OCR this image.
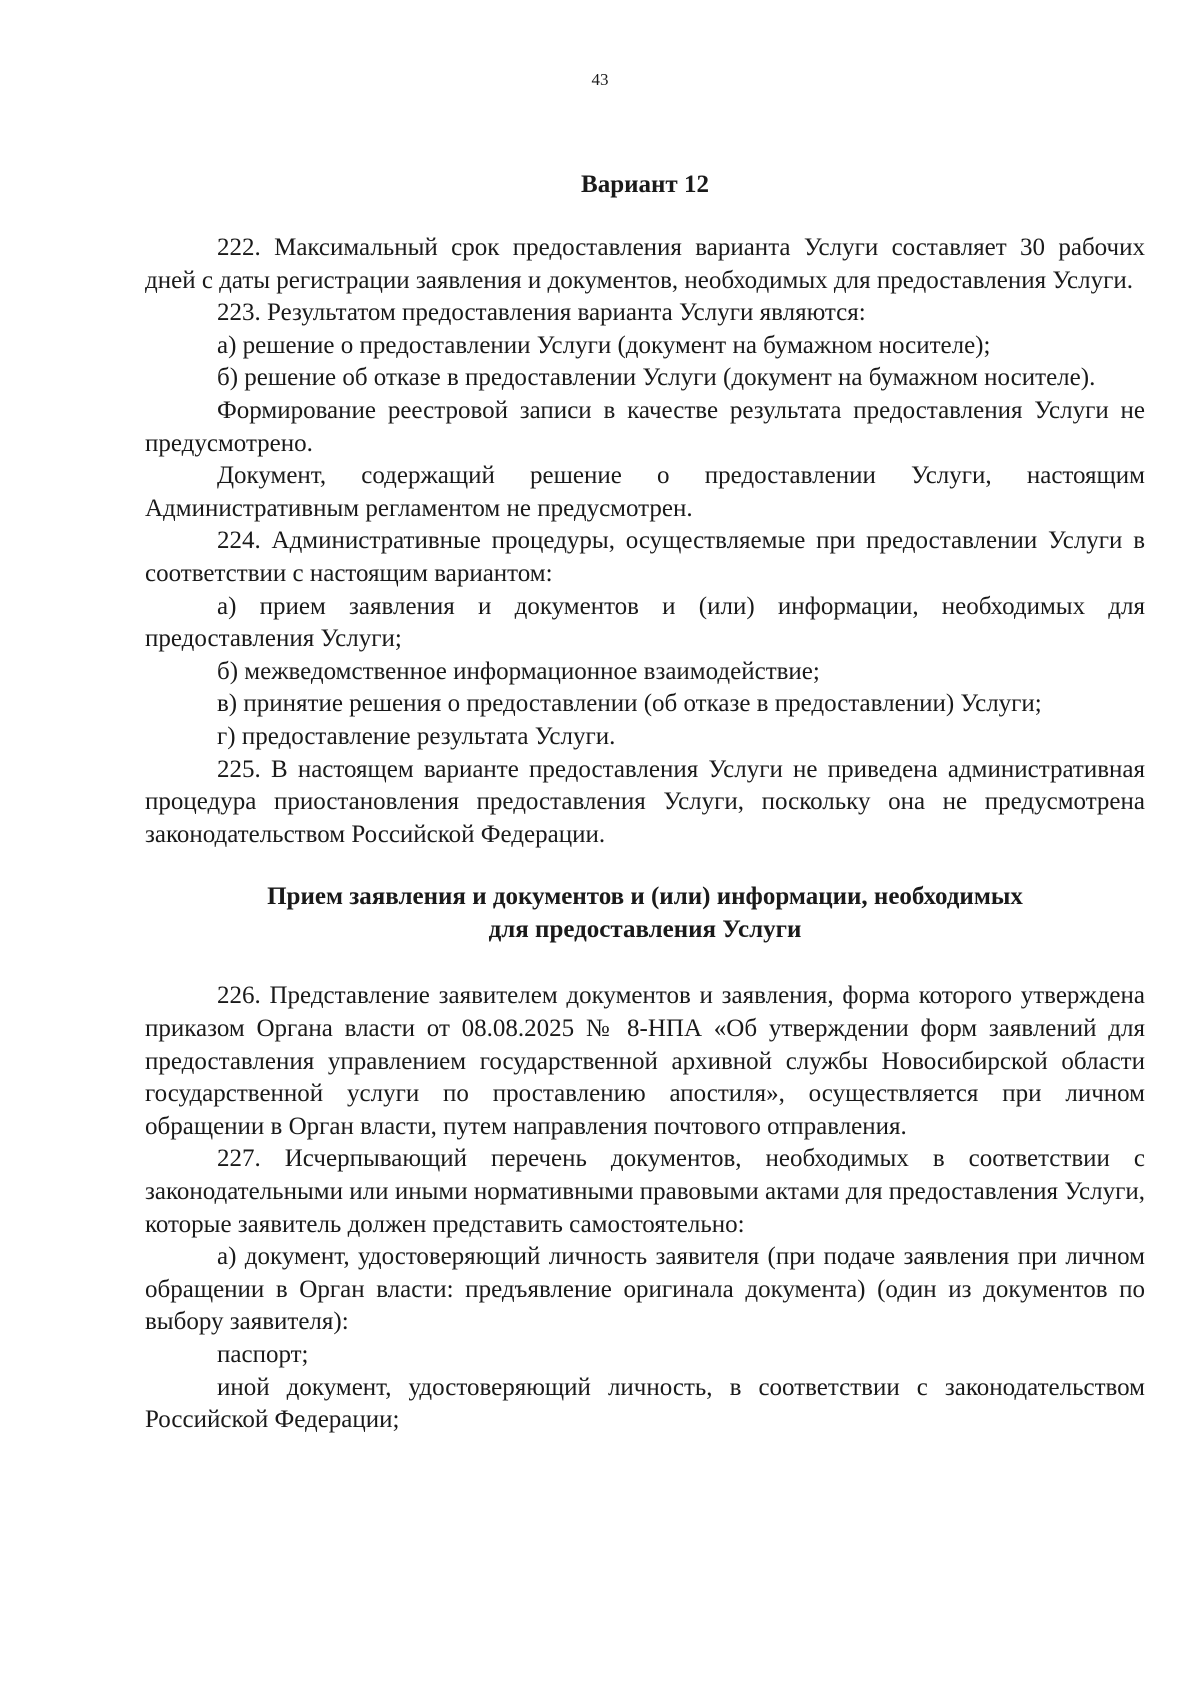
43
Вариант 12

222. Максимальный срок предоставления варианта Услуги составляет 30 рабочих дней с даты регистрации заявления и документов, необходимых для предоставления Услуги.

223. Результатом предоставления варианта Услуги являются:

а) решение о предоставлении Услуги (документ на бумажном носителе);

б) решение об отказе в предоставлении Услуги (документ на бумажном носителе).

Формирование реестровой записи в качестве результата предоставления Услуги не предусмотрено.

Документ, содержащий решение о предоставлении Услуги, настоящим Административным регламентом не предусмотрен.

224. Административные процедуры, осуществляемые при предоставлении Услуги в соответствии с настоящим вариантом:

а) прием заявления и документов и (или) информации, необходимых для предоставления Услуги;

б) межведомственное информационное взаимодействие;

в) принятие решения о предоставлении (об отказе в предоставлении) Услуги;

г) предоставление результата Услуги.

225. В настоящем варианте предоставления Услуги не приведена административная процедура приостановления предоставления Услуги, поскольку она не предусмотрена законодательством Российской Федерации.

Прием заявления и документов и (или) информации, необходимых
для предоставления Услуги

226. Представление заявителем документов и заявления, форма которого утверждена приказом Органа власти от 08.08.2025 № 8-НПА «Об утверждении форм заявлений для предоставления управлением государственной архивной службы Новосибирской области государственной услуги по проставлению апостиля», осуществляется при личном обращении в Орган власти, путем направления почтового отправления.

227. Исчерпывающий перечень документов, необходимых в соответствии с законодательными или иными нормативными правовыми актами для предоставления Услуги, которые заявитель должен представить самостоятельно:

а) документ, удостоверяющий личность заявителя (при подаче заявления при личном обращении в Орган власти: предъявление оригинала документа) (один из документов по выбору заявителя):

паспорт;

иной документ, удостоверяющий личность, в соответствии с законодательством Российской Федерации;
